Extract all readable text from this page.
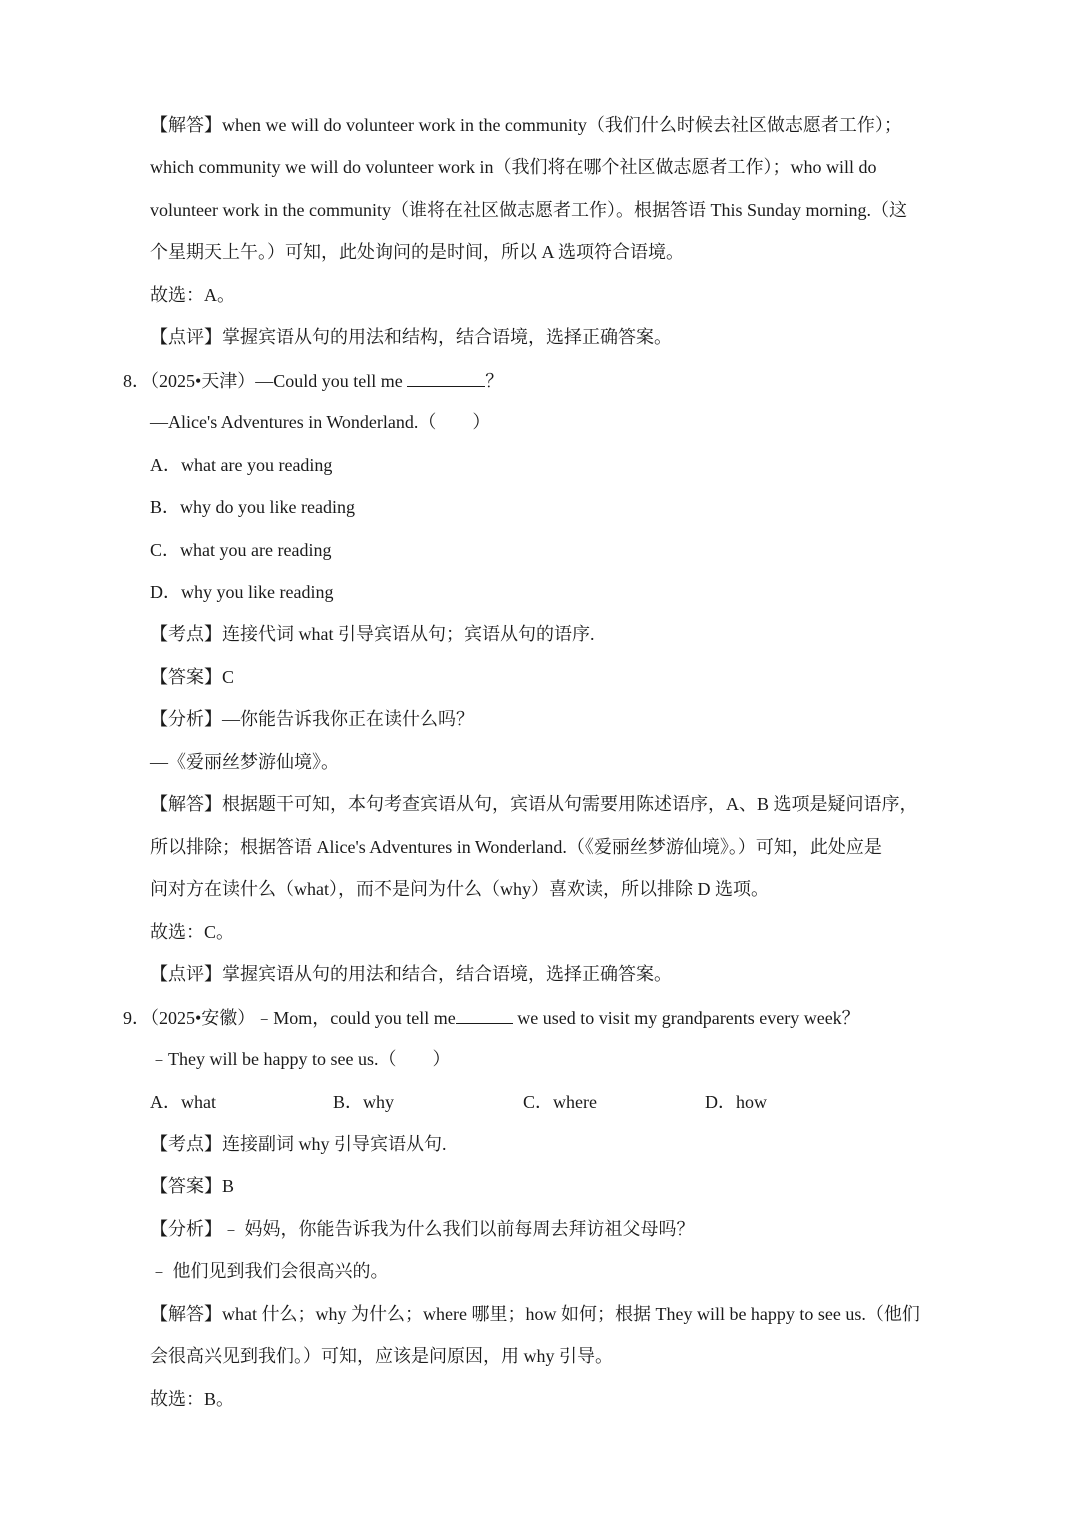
【解答】when we will do volunteer work in the community（我们什么时候去社区做志愿者工作）；
which community we will do volunteer work in（我们将在哪个社区做志愿者工作）；who will do
volunteer work in the community（谁将在社区做志愿者工作）。根据答语 This Sunday morning.（这
个星期天上午。）可知，此处询问的是时间，所以 A 选项符合语境。
故选：A。
【点评】掌握宾语从句的用法和结构，结合语境，选择正确答案。
8．（2025•天津）—Could you tell me	？
—Alice's Adventures in Wonderland.（　　）
A．what are you reading
B．why do you like reading
C．what you are reading
D．why you like reading
【考点】连接代词 what 引导宾语从句；宾语从句的语序.
【答案】C
【分析】—你能告诉我你正在读什么吗？
—《爱丽丝梦游仙境》。
【解答】根据题干可知，本句考查宾语从句，宾语从句需要用陈述语序，A、B 选项是疑问语序，
所以排除；根据答语 Alice's Adventures in Wonderland.（《爱丽丝梦游仙境》。）可知，此处应是
问对方在读什么（what），而不是问为什么（why）喜欢读，所以排除 D 选项。
故选：C。
【点评】掌握宾语从句的用法和结合，结合语境，选择正确答案。
9．（2025•安徽）﹣Mom，could you tell me	we used to visit my grandparents every week？
﹣They will be happy to see us.（　　）
A．what	B．why	C．where	D．how
【考点】连接副词 why 引导宾语从句.
【答案】B
【分析】﹣ 妈妈，你能告诉我为什么我们以前每周去拜访祖父母吗？
﹣ 他们见到我们会很高兴的。
【解答】what 什么；why 为什么；where 哪里；how 如何；根据 They will be happy to see us.（他们
会很高兴见到我们。）可知，应该是问原因，用 why 引导。
故选：B。
